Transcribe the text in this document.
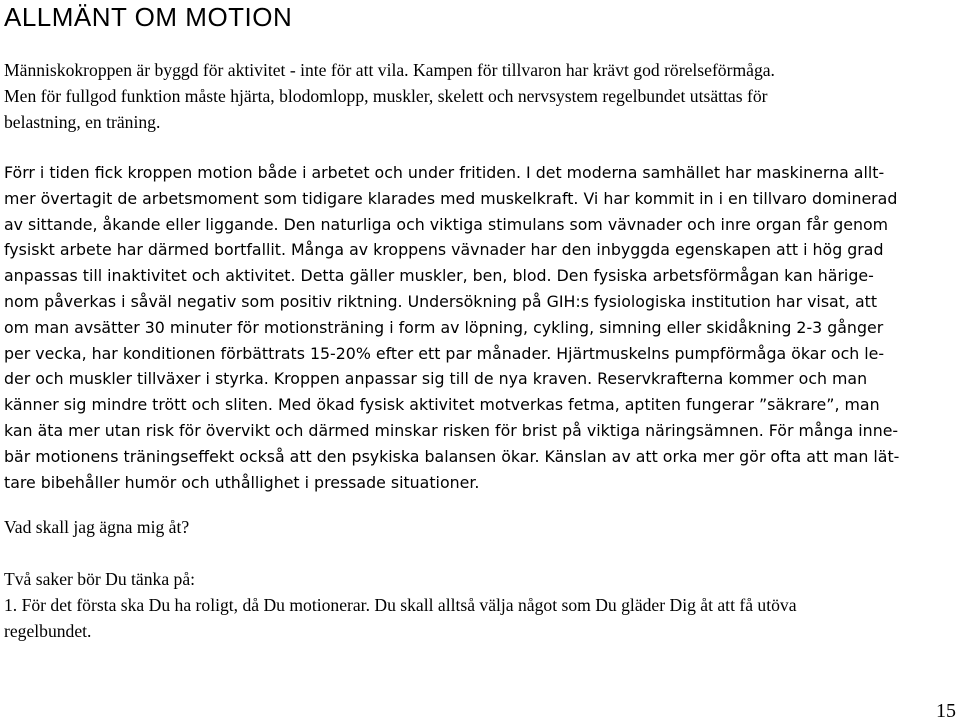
ALLMÄNT OM MOTION
Människokroppen är byggd för aktivitet - inte för att vila. Kampen för tillvaron har krävt god rörelseförmåga.
Men för fullgod funktion måste hjärta, blodomlopp, muskler, skelett och nervsystem regelbundet utsättas för
belastning, en träning.
Förr i tiden fick kroppen motion både i arbetet och under fritiden. I det moderna samhället har maskinerna allt-
mer övertagit de arbetsmoment som tidigare klarades med muskelkraft. Vi har kommit in i en tillvaro dominerad
av sittande, åkande eller liggande. Den naturliga och viktiga stimulans som vävnader och inre organ får genom
fysiskt arbete har därmed bortfallit. Många av kroppens vävnader har den inbyggda egenskapen att i hög grad
anpassas till inaktivitet och aktivitet. Detta gäller muskler, ben, blod. Den fysiska arbetsförmågan kan härige-
nom påverkas i såväl negativ som positiv riktning. Undersökning på GIH:s fysiologiska institution har visat, att
om man avsätter 30 minuter för motionsträning i form av löpning, cykling, simning eller skidåkning 2-3 gånger
per vecka, har konditionen förbättrats 15-20% efter ett par månader. Hjärtmuskelns pumpförmåga ökar och le-
der och muskler tillväxer i styrka. Kroppen anpassar sig till de nya kraven. Reservkrafterna kommer och man
känner sig mindre trött och sliten. Med ökad fysisk aktivitet motverkas fetma, aptiten fungerar ”säkrare”, man
kan äta mer utan risk för övervikt och därmed minskar risken för brist på viktiga näringsämnen. För många inne-
bär motionens träningseffekt också att den psykiska balansen ökar. Känslan av att orka mer gör ofta att man lät-
tare bibehåller humör och uthållighet i pressade situationer.
Vad skall jag ägna mig åt?
Två saker bör Du tänka på:
1. För det första ska Du ha roligt, då Du motionerar. Du skall alltså välja något som Du gläder Dig åt att få utöva
regelbundet.
15
